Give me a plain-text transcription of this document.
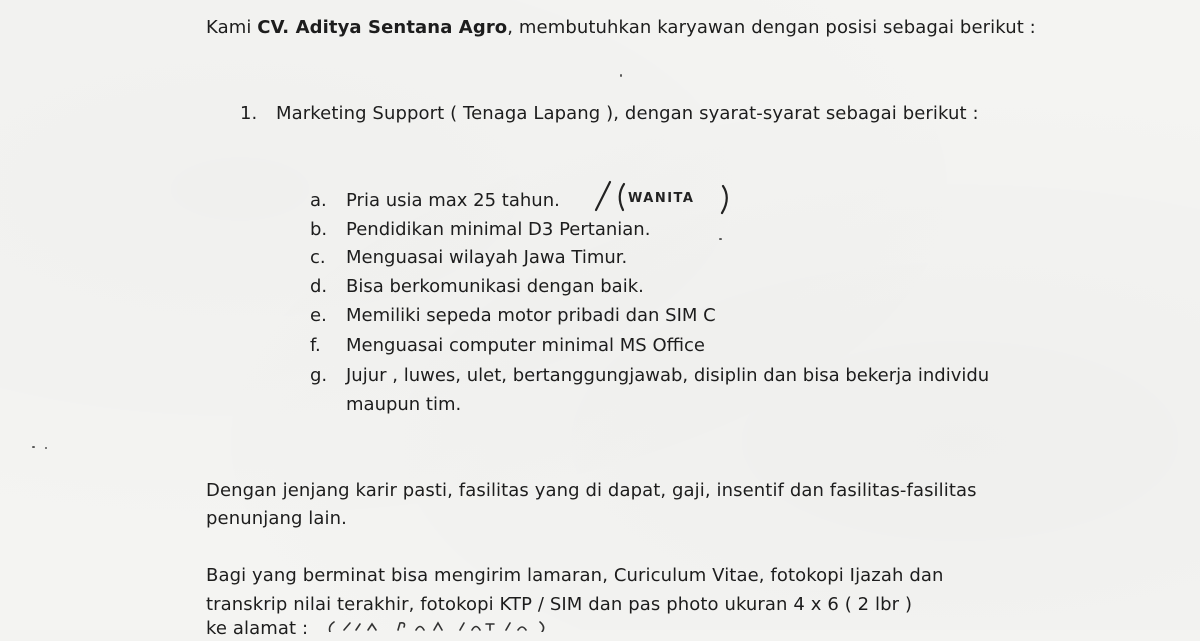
Kami CV. Aditya Sentana Agro, membutuhkan karyawan dengan posisi sebagai berikut :
1. Marketing Support ( Tenaga Lapang ), dengan syarat-syarat sebagai berikut :
a.	Pria usia max 25 tahun.
b.	Pendidikan minimal D3 Pertanian.
c.	Menguasai wilayah Jawa Timur.
d.	Bisa berkomunikasi dengan baik.
e.	Memiliki sepeda motor pribadi dan SIM C
f.	Menguasai computer minimal MS Office
g.	Jujur , luwes, ulet, bertanggungjawab, disiplin dan bisa bekerja individu
maupun tim.
WANITA
Dengan jenjang karir pasti, fasilitas yang di dapat, gaji, insentif dan fasilitas-fasilitas
penunjang lain.
Bagi yang berminat bisa mengirim lamaran, Curiculum Vitae, fotokopi Ijazah dan
transkrip nilai terakhir, fotokopi KTP / SIM dan pas photo ukuran 4 x 6 ( 2 lbr )
ke alamat :
